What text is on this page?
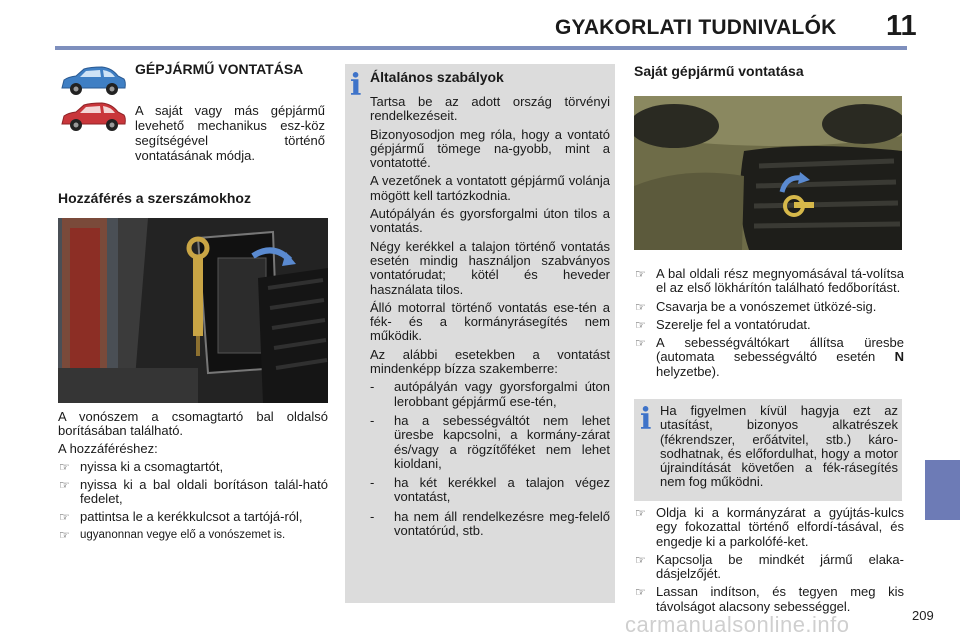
GYAKORLATI TUDNIVALÓK 11
GÉPJÁRMŰ VONTATÁSA
A saját vagy más gépjármű levehető mechanikus esz-köz segítségével történő vontatásának módja.
Hozzáférés a szerszámokhoz

A vonószem a csomagtartó bal oldalsó borításában található.

A hozzáféréshez:

☞ nyissa ki a csomagtartót,
☞ nyissa ki a bal oldali borításon talál-ható fedelet,
☞ pattintsa le a kerékkulcsot a tartójá-ról,
☞ ugyanonnan vegye elő a vonószemet is.
i Általános szabályok

Tartsa be az adott ország törvényi rendelkezéseit.

Bizonyosodjon meg róla, hogy a vontató gépjármű tömege na-gyobb, mint a vontatotté.

A vezetőnek a vontatott gépjármű volánja mögött kell tartózkodnia.

Autópályán és gyorsforgalmi úton tilos a vontatás.

Négy kerékkel a talajon történő vontatás esetén mindig használjon szabványos vontatórudat; kötél és heveder használata tilos.

Álló motorral történő vontatás ese-tén a fék- és a kormányrásegítés nem működik.

Az alábbi esetekben a vontatást mindenképp bízza szakemberre:

- autópályán vagy gyorsforgalmi úton lerobbant gépjármű ese-tén,
- ha a sebességváltót nem lehet üresbe kapcsolni, a kormány-zárat és/vagy a rögzítőféket nem lehet kioldani,
- ha két kerékkel a talajon végez vontatást,
- ha nem áll rendelkezésre meg-felelő vontatórúd, stb.
Saját gépjármű vontatása
☞ A bal oldali rész megnyomásával tá-volítsa el az első lökhárítón található fedőborítást.
☞ Csavarja be a vonószemet ütközé-sig.
☞ Szerelje fel a vontatórudat.
☞ A sebességváltókart állítsa üresbe (automata sebességváltó esetén N helyzetbe).
i Ha figyelmen kívül hagyja ezt az utasítást, bizonyos alkatrészek (fékrendszer, erőátvitel, stb.) káro-sodhatnak, és előfordulhat, hogy a motor újraindítását követően a fék-rásegítés nem fog működni.
☞ Oldja ki a kormányzárat a gyújtás-kulcs egy fokozattal történő elfordí-tásával, és engedje ki a parkolófé-ket.
☞ Kapcsolja be mindkét jármű elaka-dásjelzőjét.
☞ Lassan indítson, és tegyen meg kis távolságot alacsony sebességgel.
carmanualsonline.info	209
